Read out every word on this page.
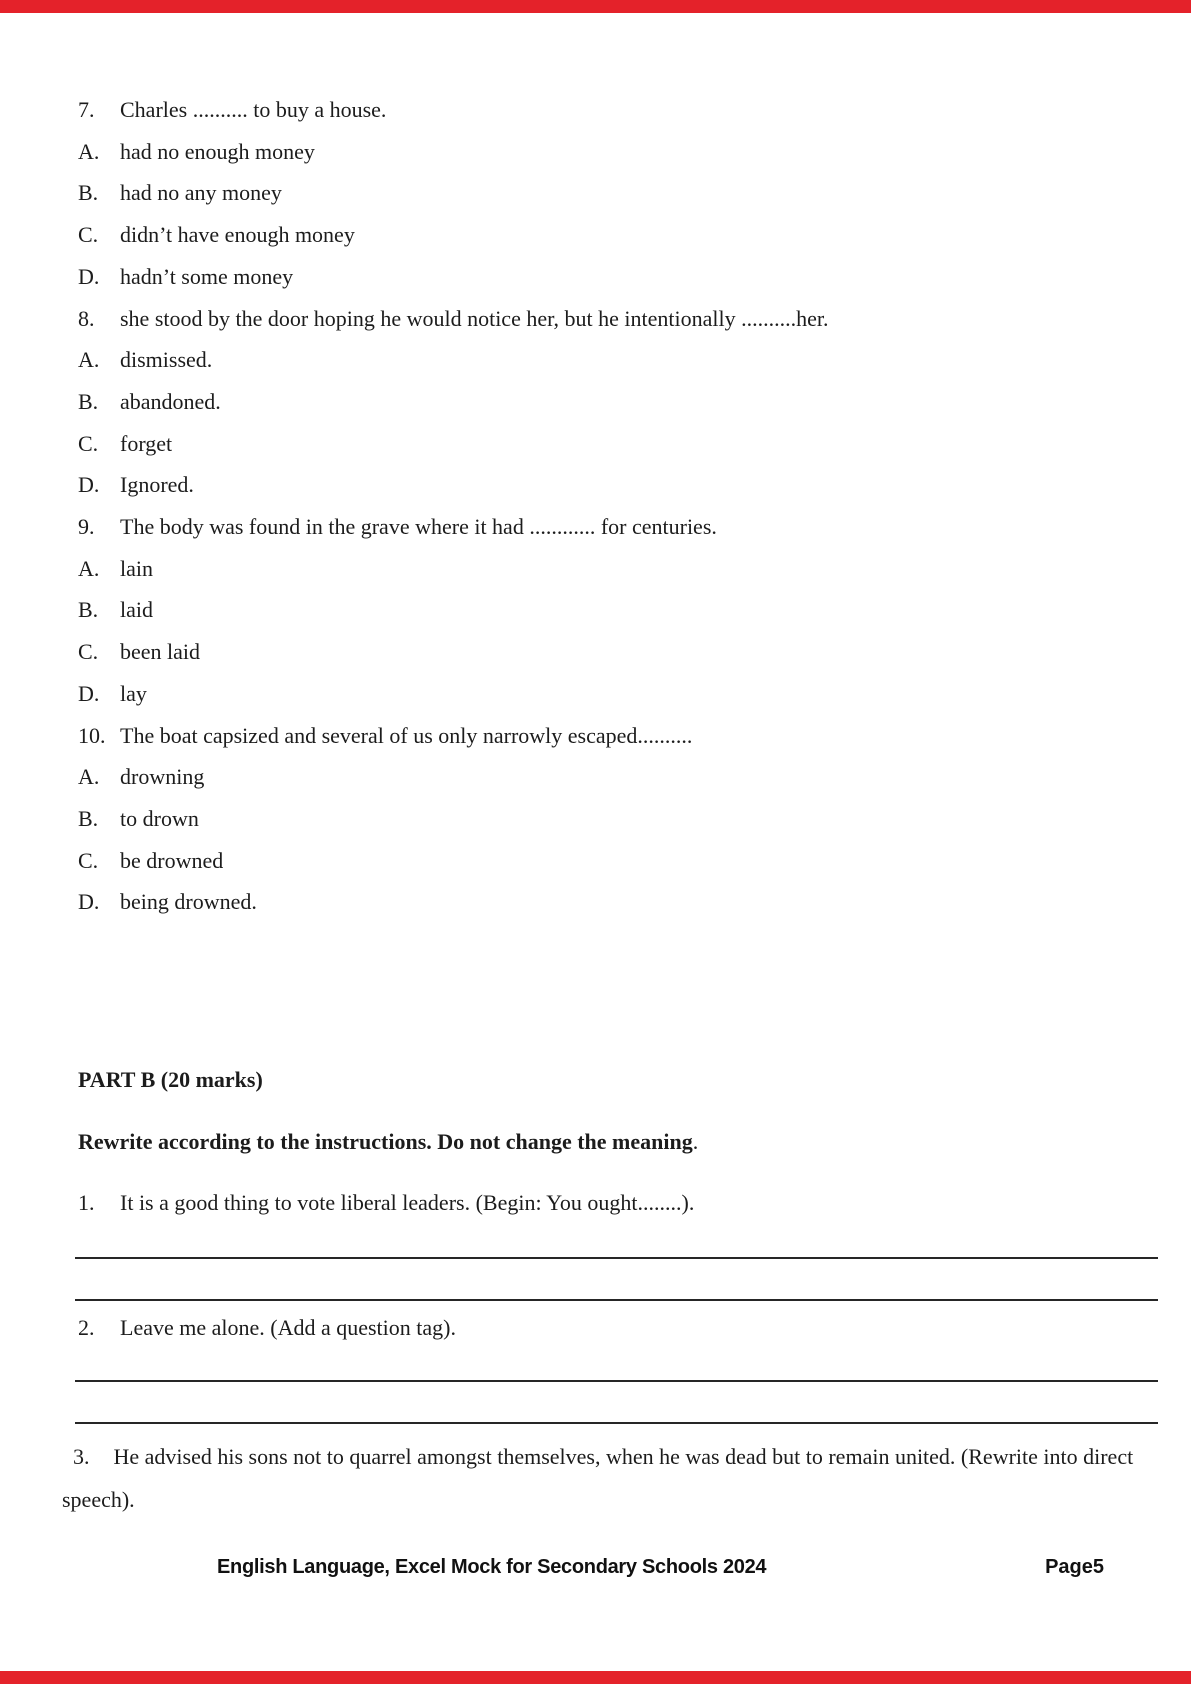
7.	Charles .......... to buy a house.
A. had no enough money
B. had no any money
C. didn’t have enough money
D. hadn’t some money
8.	she stood by the door hoping he would notice her, but he intentionally ..........her.
A. dismissed.
B. abandoned.
C. forget
D. Ignored.
9.	The body was found in the grave where it had ............ for centuries.
A. lain
B. laid
C. been laid
D. lay
10. The boat capsized and several of us only narrowly escaped..........
A. drowning
B. to drown
C. be drowned
D. being drowned.
PART B (20 marks)
Rewrite according to the instructions. Do not change the meaning.
1.	It is a good thing to vote liberal leaders. (Begin: You ought........).
2.	Leave me alone. (Add a question tag).
3. He advised his sons not to quarrel amongst themselves, when he was dead but to remain united. (Rewrite into direct speech).
English Language, Excel Mock for Secondary Schools 2024	Page5
